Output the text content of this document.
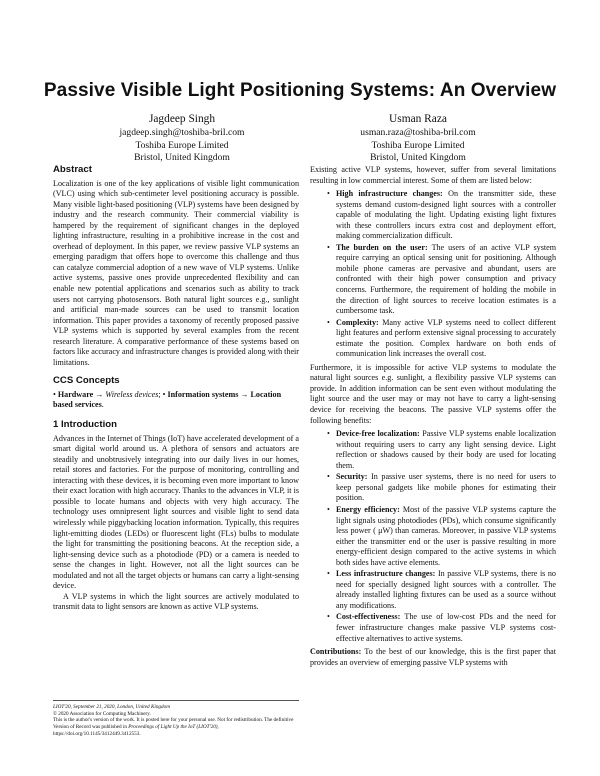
Passive Visible Light Positioning Systems: An Overview
Jagdeep Singh
jagdeep.singh@toshiba-bril.com
Toshiba Europe Limited
Bristol, United Kingdom
Usman Raza
usman.raza@toshiba-bril.com
Toshiba Europe Limited
Bristol, United Kingdom
Abstract

Localization is one of the key applications of visible light communication (VLC) using which sub-centimeter level positioning accuracy is possible. Many visible light-based positioning (VLP) systems have been designed by industry and the research community. Their commercial viability is hampered by the requirement of significant changes in the deployed lighting infrastructure, resulting in a prohibitive increase in the cost and overhead of deployment. In this paper, we review passive VLP systems an emerging paradigm that offers hope to overcome this challenge and thus can catalyze commercial adoption of a new wave of VLP systems. Unlike active systems, passive ones provide unprecedented flexibility and can enable new potential applications and scenarios such as ability to track users not carrying photosensors. Both natural light sources e.g., sunlight and artificial man-made sources can be used to transmit location information. This paper provides a taxonomy of recently proposed passive VLP systems which is supported by several examples from the recent research literature. A comparative performance of these systems based on factors like accuracy and infrastructure changes is provided along with their limitations.

CCS Concepts

• Hardware → Wireless devices; • Information systems → Location based services.

1 Introduction

Advances in the Internet of Things (IoT) have accelerated development of a smart digital world around us. A plethora of sensors and actuators are steadily and unobtrusively integrating into our daily lives in our homes, retail stores and factories. For the purpose of monitoring, controlling and interacting with these devices, it is becoming even more important to know their exact location with high accuracy. Thanks to the advances in VLP, it is possible to locate humans and objects with very high accuracy. The technology uses omnipresent light sources and visible light to send data wirelessly while piggybacking location information. Typically, this requires light-emitting diodes (LEDs) or fluorescent light (FLs) bulbs to modulate the light for transmitting the positioning beacons. At the reception side, a light-sensing device such as a photodiode (PD) or a camera is needed to sense the changes in light. However, not all the light sources can be modulated and not all the target objects or humans can carry a light-sensing device.

A VLP systems in which the light sources are actively modulated to transmit data to light sensors are known as active VLP systems.

LIOT'20, September 21, 2020, London, United Kingdom

© 2020 Association for Computing Machinery.

This is the author's version of the work. It is posted here for your personal use. Not for redistribution. The definitive Version of Record was published in Proceedings of Light Up the IoT (LIOT'20), https://doi.org/10.1145/3412449.3412553.

Existing active VLP systems, however, suffer from several limitations resulting in low commercial interest. Some of them are listed below:

• High infrastructure changes: On the transmitter side, these systems demand custom-designed light sources with a controller capable of modulating the light. Updating existing light fixtures with these controllers incurs extra cost and deployment effort, making commercialization difficult.
• The burden on the user: The users of an active VLP system require carrying an optical sensing unit for positioning. Although mobile phone cameras are pervasive and abundant, users are confronted with their high power consumption and privacy concerns. Furthermore, the requirement of holding the mobile in the direction of light sources to receive location estimates is a cumbersome task.
• Complexity: Many active VLP systems need to collect different light features and perform extensive signal processing to accurately estimate the position. Complex hardware on both ends of communication link increases the overall cost.

Furthermore, it is impossible for active VLP systems to modulate the natural light sources e.g. sunlight, a flexibility passive VLP systems can provide. In addition information can be sent even without modulating the light source and the user may or may not have to carry a light-sensing device for receiving the beacons. The passive VLP systems offer the following benefits:

• Device-free localization: Passive VLP systems enable localization without requiring users to carry any light sensing device. Light reflection or shadows caused by their body are used for locating them.
• Security: In passive user systems, there is no need for users to keep personal gadgets like mobile phones for estimating their position.
• Energy efficiency: Most of the passive VLP systems capture the light signals using photodiodes (PDs), which consume significantly less power ( μW) than cameras. Moreover, in passive VLP systems either the transmitter end or the user is passive resulting in more energy-efficient design compared to the active systems in which both sides have active elements.
• Less infrastructure changes: In passive VLP systems, there is no need for specially designed light sources with a controller. The already installed lighting fixtures can be used as a source without any modifications.
• Cost-effectiveness: The use of low-cost PDs and the need for fewer infrastructure changes make passive VLP systems cost-effective alternatives to active systems.

Contributions: To the best of our knowledge, this is the first paper that provides an overview of emerging passive VLP systems with
